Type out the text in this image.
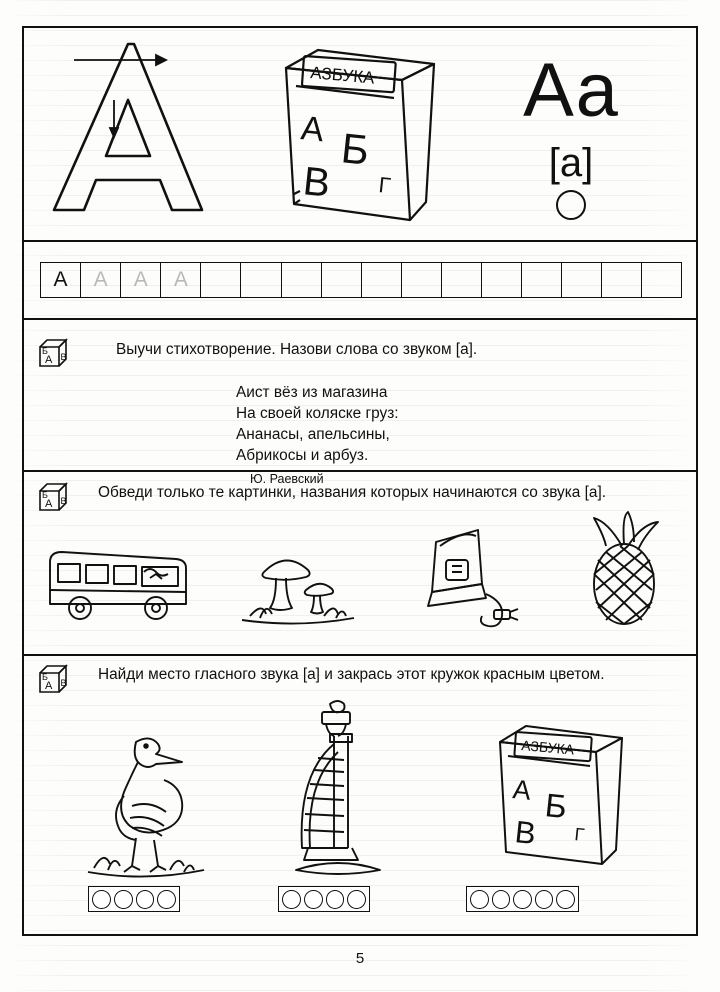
АЗБУКА
А Б
В Г
Аа
[а]
А	А	А	А
Б
А В	Выучи стихотворение. Назови слова со звуком [а].
Аист вёз из магазина
На своей коляске груз:
Ананасы, апельсины,
Абрикосы и арбуз.
Ю. Раевский
Б
А В Обведи только те картинки, названия которых начинаются со звука [а].
Б
А В Найди место гласного звука [а] и закрась этот кружок красным цветом.
АЗБУКА
А Б
В Г
5
